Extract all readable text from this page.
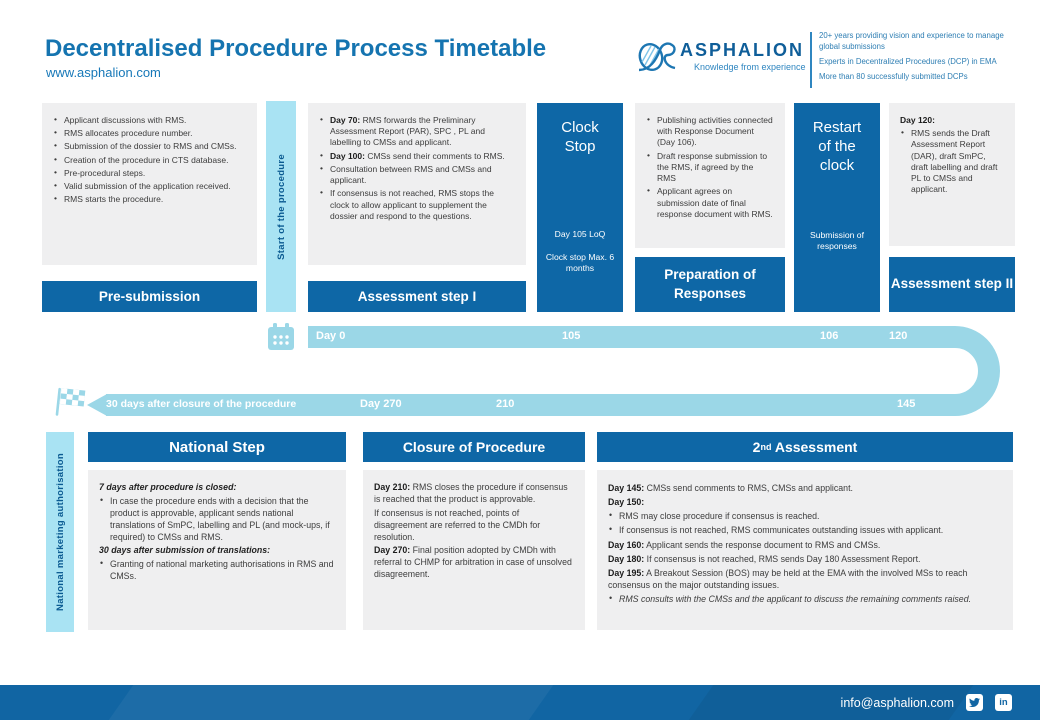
Decentralised Procedure Process Timetable
www.asphalion.com
ASPHALION
Knowledge from experience
20+ years providing vision and experience to manage global submissions
Experts in Decentralized Procedures (DCP) in EMA
More than 80 successfully submitted DCPs
• Applicant discussions with RMS.
• RMS allocates procedure number.
• Submission of the dossier to RMS and CMSs.
• Creation of the procedure in CTS database.
• Pre-procedural steps.
• Valid submission of the application received.
• RMS starts the procedure.
Pre-submission
Start of the procedure
• Day 70: RMS forwards the Preliminary Assessment Report (PAR), SPC , PL and labelling to CMSs and applicant.
• Day 100: CMSs send their comments to RMS.
• Consultation between RMS and CMSs and applicant.
• If consensus is not reached, RMS stops the clock to allow applicant to supplement the dossier and respond to the questions.
Assessment step I
Clock Stop
Day 105 LoQ
Clock stop Max. 6 months
• Publishing activities connected with Response Document (Day 106).
• Draft response submission to the RMS, if agreed by the RMS
• Applicant agrees on submission date of final response document with RMS.
Preparation of Responses
Restart of the clock
Submission of responses
Day 120:
• RMS sends the Draft Assessment Report (DAR), draft SmPC, draft labelling and draft PL to CMSs and applicant.
Assessment step II
Day 0	105	106	120
30 days after closure of the procedure	Day 270	210	145
National marketing authorisation
National Step
7 days after procedure is closed:
• In case the procedure ends with a decision that the product is approvable, applicant sends national translations of SmPC, labelling and PL (and mock-ups, if required) to CMSs and RMS.
30 days after submission of translations:
• Granting of national marketing authorisations in RMS and CMSs.
Closure of Procedure
Day 210: RMS closes the procedure if consensus is reached that the product is approvable.
If consensus is not reached, points of disagreement are referred to the CMDh for resolution.
Day 270: Final position adopted by CMDh with referral to CHMP for arbitration in case of unsolved disagreement.
2 nd Assessment
Day 145: CMSs send comments to RMS, CMSs and applicant.
Day 150:
• RMS may close procedure if consensus is reached.
• If consensus is not reached, RMS communicates outstanding issues with applicant.
Day 160: Applicant sends the response document to RMS and CMSs.
Day 180: If consensus is not reached, RMS sends Day 180 Assessment Report.
Day 195: A Breakout Session (BOS) may be held at the EMA with the involved MSs to reach consensus on the major outstanding issues.
• RMS consults with the CMSs and the applicant to discuss the remaining comments raised.
info@asphalion.com	in
